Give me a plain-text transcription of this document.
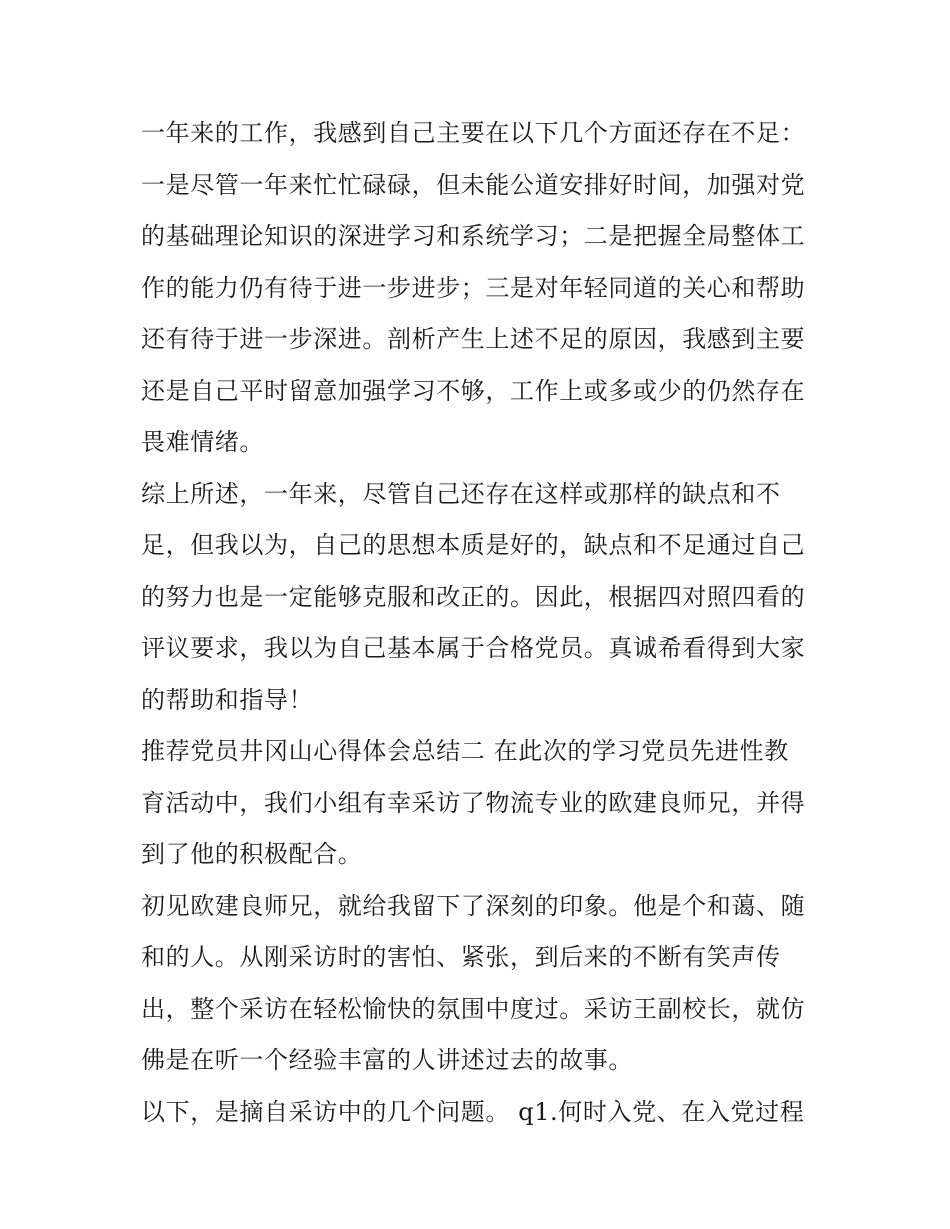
一年来的工作，我感到自己主要在以下几个方面还存在不足：
一是尽管一年来忙忙碌碌，但未能公道安排好时间，加强对党
的基础理论知识的深进学习和系统学习；二是把握全局整体工
作的能力仍有待于进一步进步；三是对年轻同道的关心和帮助
还有待于进一步深进。剖析产生上述不足的原因，我感到主要
还是自己平时留意加强学习不够，工作上或多或少的仍然存在
畏难情绪。
综上所述，一年来，尽管自己还存在这样或那样的缺点和不
足，但我以为，自己的思想本质是好的，缺点和不足通过自己
的努力也是一定能够克服和改正的。因此，根据四对照四看的
评议要求，我以为自己基本属于合格党员。真诚希看得到大家
的帮助和指导！
推荐党员井冈山心得体会总结二 在此次的学习党员先进性教
育活动中，我们小组有幸采访了物流专业的欧建良师兄，并得
到了他的积极配合。
初见欧建良师兄，就给我留下了深刻的印象。他是个和蔼、随
和的人。从刚采访时的害怕、紧张，到后来的不断有笑声传
出，整个采访在轻松愉快的氛围中度过。采访王副校长，就仿
佛是在听一个经验丰富的人讲述过去的故事。
以下，是摘自采访中的几个问题。 q1.何时入党、在入党过程
